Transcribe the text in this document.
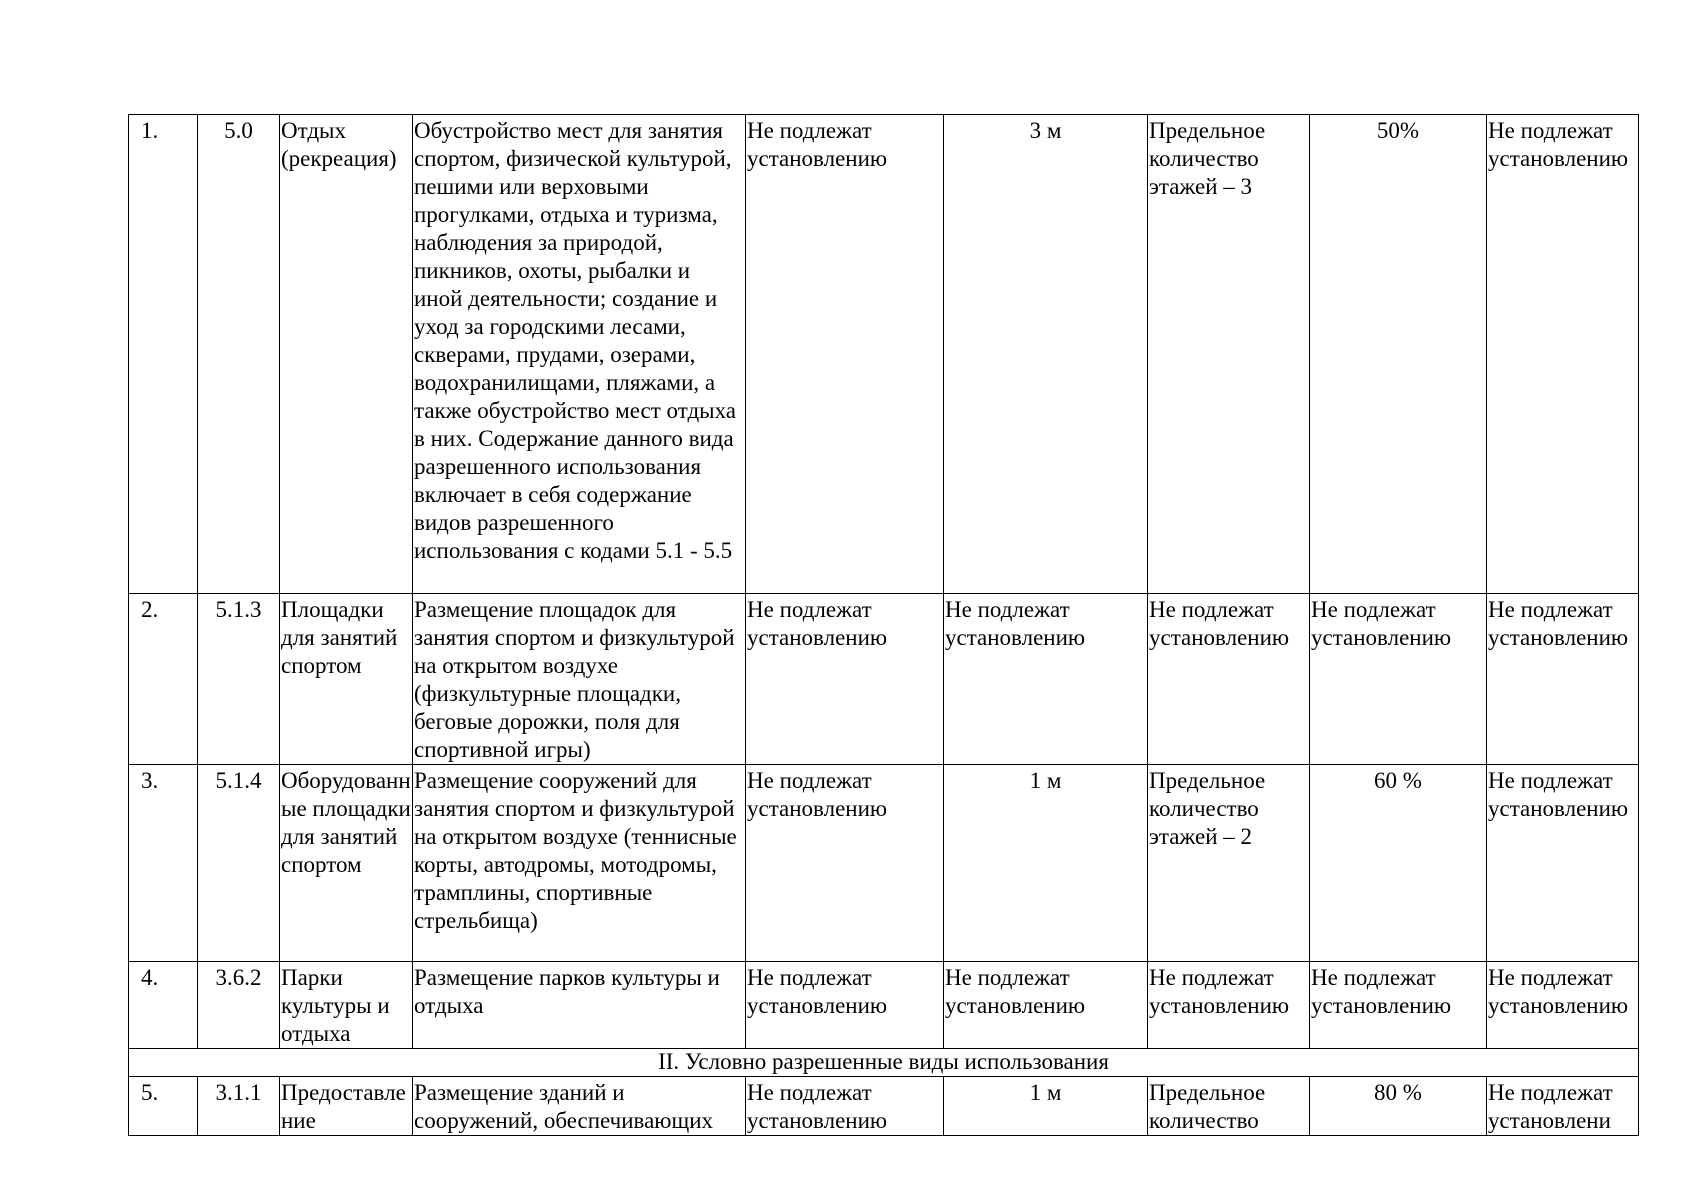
1.	5.0	Отдых (рекреация)	Обустройство мест для занятия спортом, физической культурой, пешими или верховыми прогулками, отдыха и туризма, наблюдения за природой, пикников, охоты, рыбалки и иной деятельности; создание и уход за городскими лесами, скверами, прудами, озерами, водохранилищами, пляжами, а также обустройство мест отдыха в них. Содержание данного вида разрешенного использования включает в себя содержание видов разрешенного использования с кодами 5.1 - 5.5	Не подлежат установлению	3 м	Предельное количество этажей – 3	50%	Не подлежат установлению
2.	5.1.3	Площадки для занятий спортом	Размещение площадок для занятия спортом и физкультурой на открытом воздухе (физкультурные площадки, беговые дорожки, поля для спортивной игры)	Не подлежат установлению	Не подлежат установлению	Не подлежат установлению	Не подлежат установлению	Не подлежат установлению
3.	5.1.4	Оборудованные площадки для занятий спортом	Размещение сооружений для занятия спортом и физкультурой на открытом воздухе (теннисные корты, автодромы, мотодромы, трамплины, спортивные стрельбища)	Не подлежат установлению	1 м	Предельное количество этажей – 2	60 %	Не подлежат установлению
4.	3.6.2	Парки культуры и отдыха	Размещение парков культуры и отдыха	Не подлежат установлению	Не подлежат установлению	Не подлежат установлению	Не подлежат установлению	Не подлежат установлению
II. Условно разрешенные виды использования								
5.	3.1.1	Предоставление	Размещение зданий и сооружений, обеспечивающих	Не подлежат установлению	1 м	Предельное количество	80 %	Не подлежат установлени
